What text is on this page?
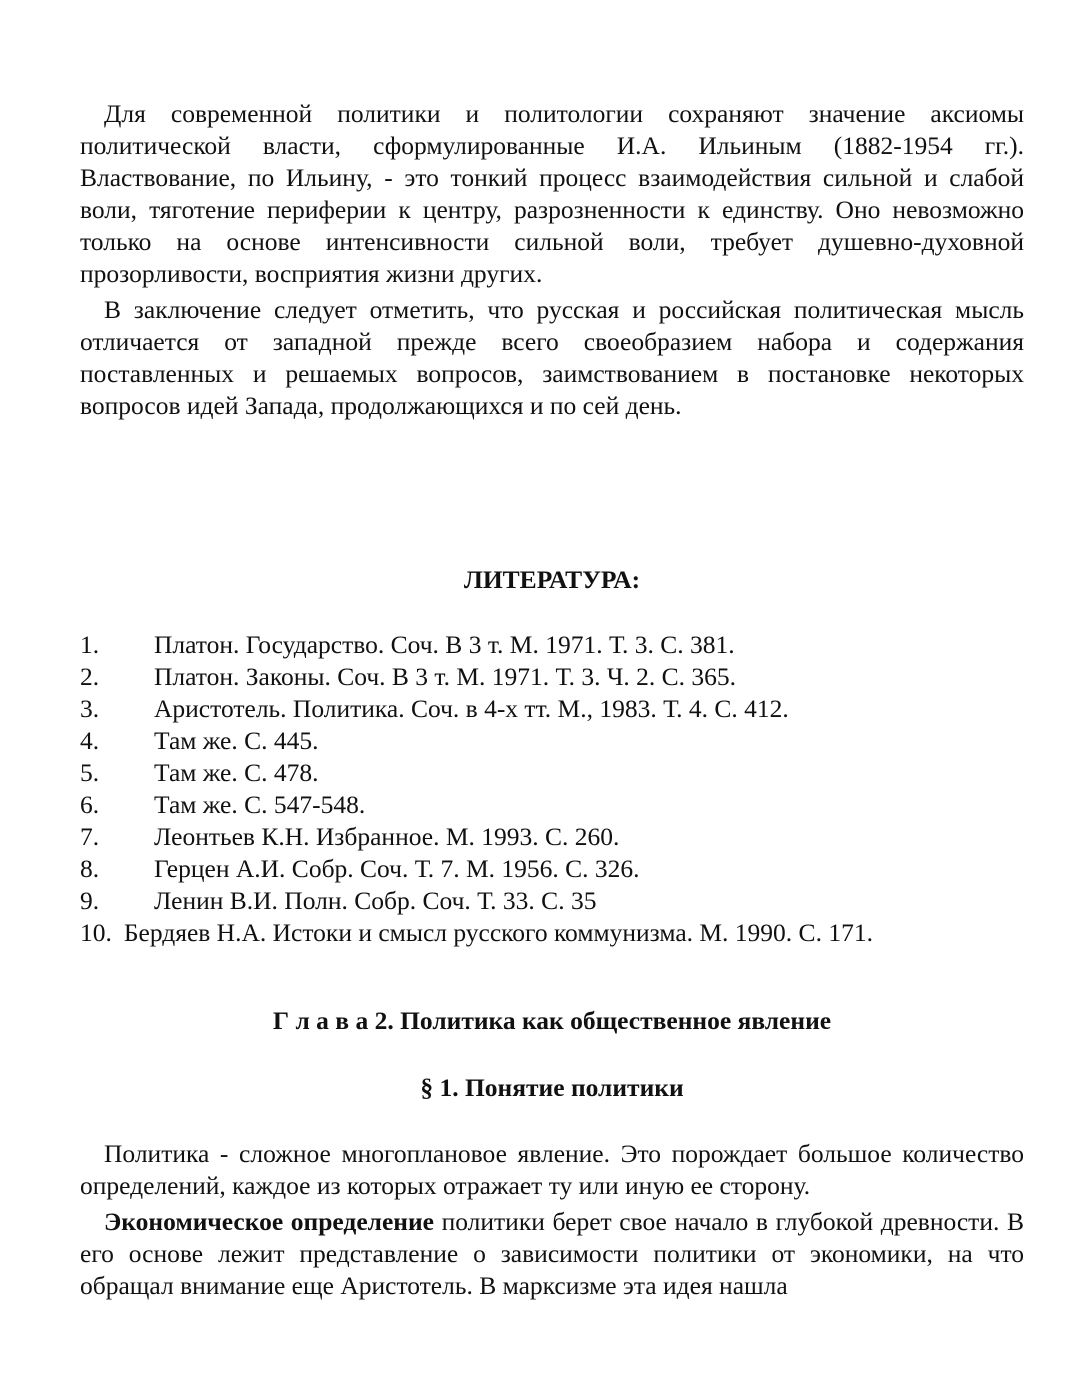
Для современной политики и политологии сохраняют значение аксиомы политической власти, сформулированные И.А. Ильиным (1882-1954 гг.). Властвование, по Ильину, - это тонкий процесс взаимодействия сильной и слабой воли, тяготение периферии к центру, разрозненности к единству. Оно невозможно только на основе интенсивности сильной воли, требует душевно-духовной прозорливости, восприятия жизни других.

В заключение следует отметить, что русская и российская политическая мысль отличается от западной прежде всего своеобразием набора и содержания поставленных и решаемых вопросов, заимствованием в постановке некоторых вопросов идей Запада, продолжающихся и по сей день.

ЛИТЕРАТУРА:
1.	Платон. Государство. Соч. В 3 т. М. 1971. Т. 3. С. 381.
2.	Платон. Законы. Соч. В 3 т. М. 1971. Т. 3. Ч. 2. С. 365.
3.	Аристотель. Политика. Соч. в 4-х тт. М., 1983. Т. 4. С. 412.
4.	Там же. С. 445.
5.	Там же. С. 478.
6.	Там же. С. 547-548.
7.	Леонтьев К.Н. Избранное. М. 1993. С. 260.
8.	Герцен А.И. Собр. Соч. Т. 7. М. 1956. С. 326.
9.	Ленин В.И. Полн. Собр. Соч. Т. 33. С. 35
10. Бердяев Н.А. Истоки и смысл русского коммунизма. М. 1990. С. 171.
Г л а в а 2. Политика как общественное явление
§ 1. Понятие политики

Политика - сложное многоплановое явление. Это порождает большое количество определений, каждое из которых отражает ту или иную ее сторону.

Экономическое определение политики берет свое начало в глубокой древности. В его основе лежит представление о зависимости политики от экономики, на что обращал внимание еще Аристотель. В марксизме эта идея нашла
